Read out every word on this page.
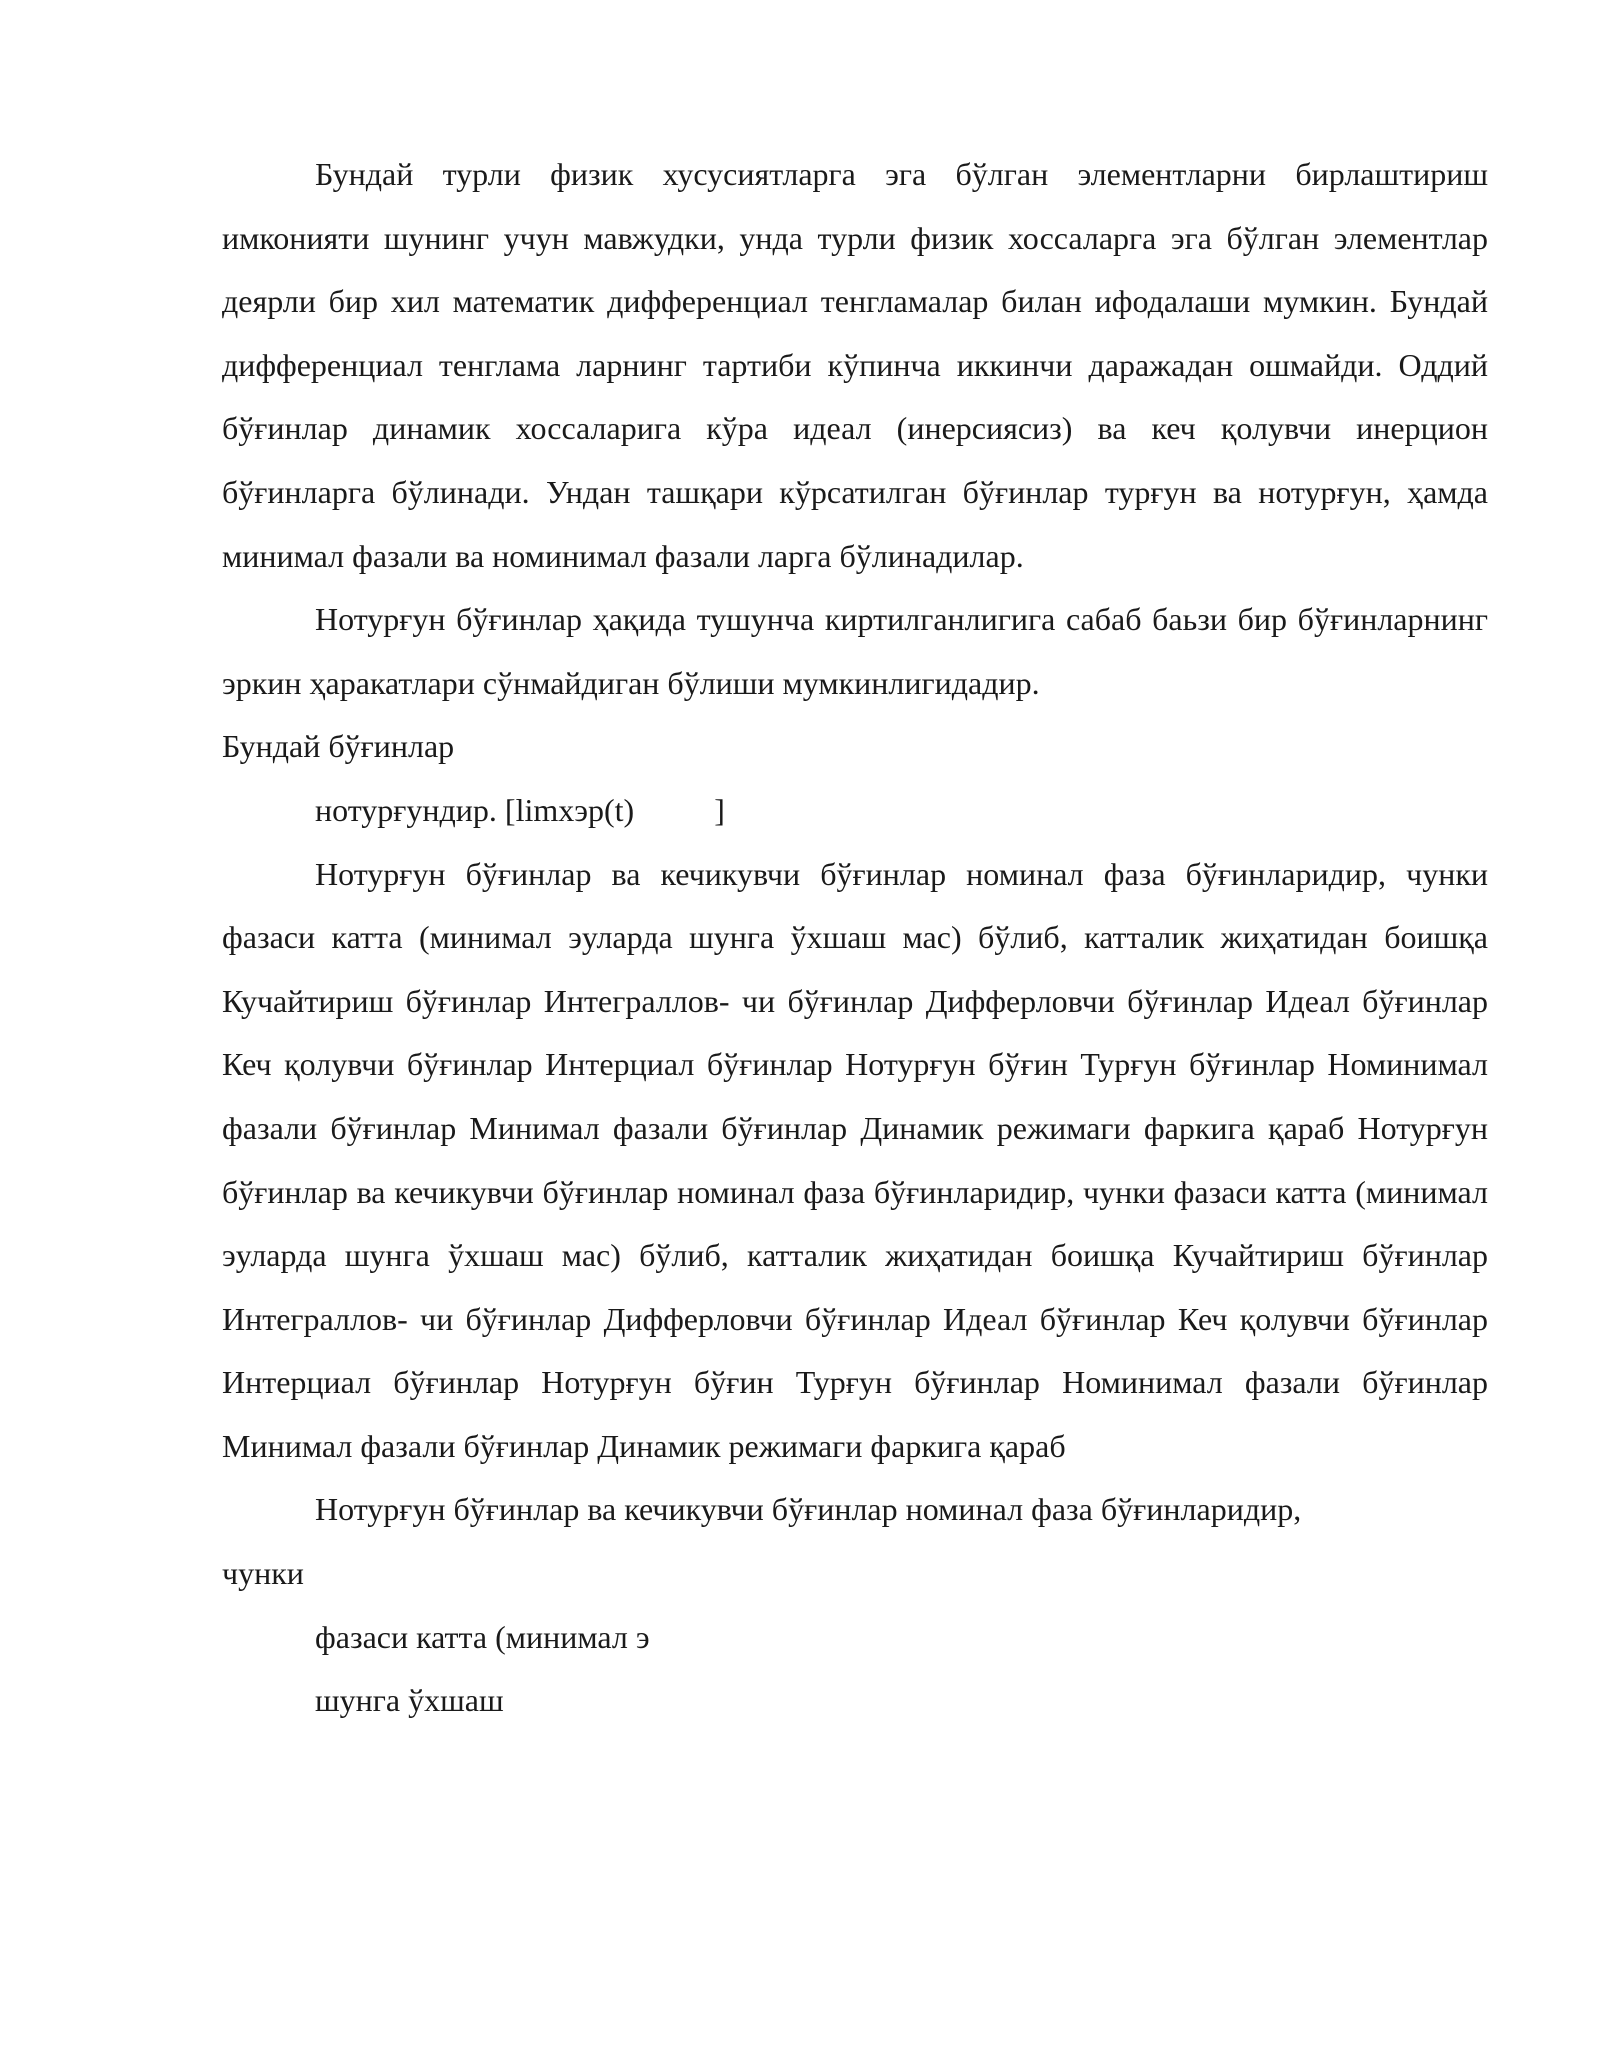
Бундай турли физик хусусиятларга эга бўлган элементларни бирлаштириш имконияти шунинг учун мавжудки, унда турли физик хоссаларга эга бўлган элементлар деярли бир хил математик дифференциал тенгламалар билан ифодалаши мумкин. Бундай дифференциал тенглама ларнинг тартиби кўпинча иккинчи даражадан ошмайди. Оддий бўғинлар динамик хоссаларига кўра идеал (инерсиясиз) ва кеч қолувчи инерцион бўғинларга бўлинади. Ундан ташқари кўрсатилган бўғинлар турғун ва нотурғун, ҳамда минимал фазали ва номинимал фазали ларга бўлинадилар.

Нотурғун бўғинлар ҳақида тушунча киртилганлигига сабаб баьзи бир бўғинларнинг эркин ҳаракатлари сўнмайдиган бўлиши мумкинлигидадир.

Бундай бўғинлар

нотурғундир. [limxэр(t)	]

Нотурғун бўғинлар ва кечикувчи бўғинлар номинал фаза бўғинларидир, чунки фазаси катта (минимал эуларда шунга ўхшаш мас) бўлиб, катталик жиҳатидан боишқа Кучайтириш бўғинлар Интеграллов- чи бўғинлар Дифферловчи бўғинлар Идеал бўғинлар Кеч қолувчи бўғинлар Интерциал бўғинлар Нотурғун бўғин Турғун бўғинлар Номинимал фазали бўғинлар Минимал фазали бўғинлар Динамик режимаги фаркига қараб Нотурғун бўғинлар ва кечикувчи бўғинлар номинал фаза бўғинларидир, чунки фазаси катта (минимал эуларда шунга ўхшаш мас) бўлиб, катталик жиҳатидан боишқа Кучайтириш бўғинлар Интеграллов- чи бўғинлар Дифферловчи бўғинлар Идеал бўғинлар Кеч қолувчи бўғинлар Интерциал бўғинлар Нотурғун бўғин Турғун бўғинлар Номинимал фазали бўғинлар Минимал фазали бўғинлар Динамик режимаги фаркига қараб

Нотурғун бўғинлар ва кечикувчи бўғинлар номинал фаза бўғинларидир,

чунки

фазаси катта (минимал э

шунга ўхшаш
